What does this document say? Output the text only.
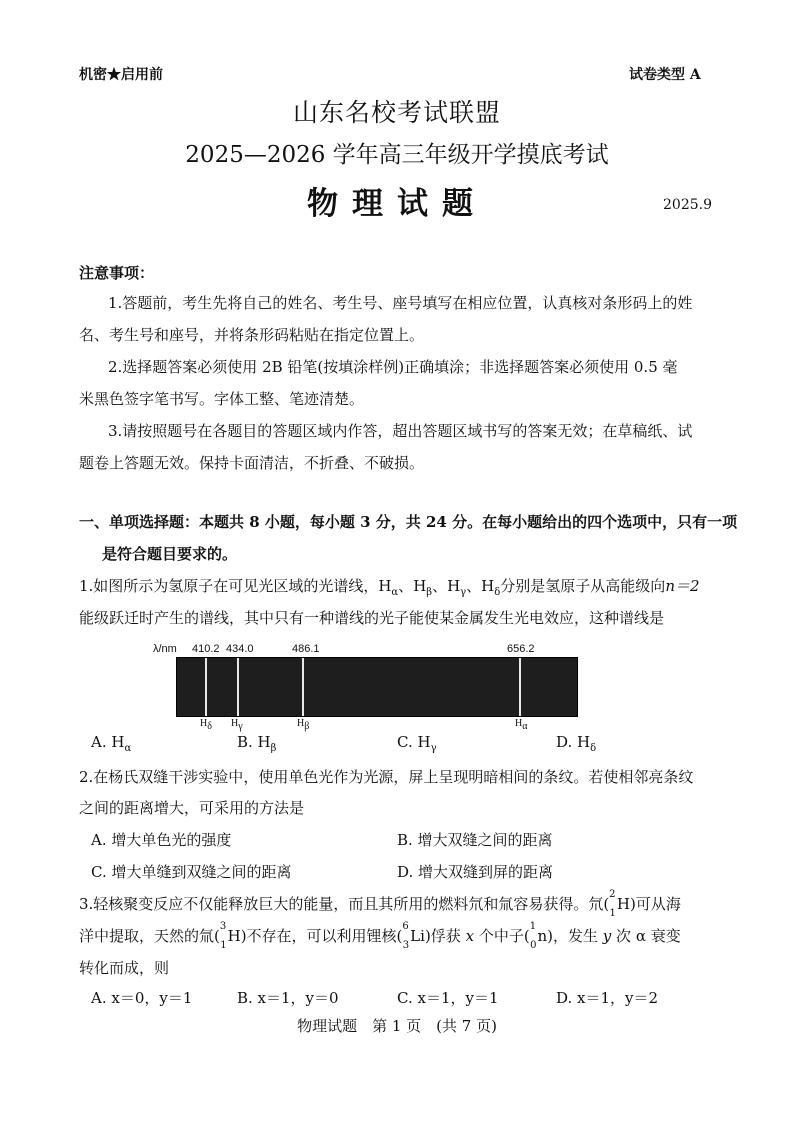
机密★启用前	试卷类型 A
山东名校考试联盟
2025—2026 学年高三年级开学摸底考试
物理试题	2025.9
注意事项：
1.答题前，考生先将自己的姓名、考生号、座号填写在相应位置，认真核对条形码上的姓
名、考生号和座号，并将条形码粘贴在指定位置上。
2.选择题答案必须使用 2B 铅笔(按填涂样例)正确填涂；非选择题答案必须使用 0.5 毫
米黑色签字笔书写。字体工整、笔迹清楚。
3.请按照题号在各题目的答题区域内作答，超出答题区域书写的答案无效；在草稿纸、试
题卷上答题无效。保持卡面清洁，不折叠、不破损。
一、单项选择题：本题共 8 小题，每小题 3 分，共 24 分。在每小题给出的四个选项中，只有一项
是符合题目要求的。
1.如图所示为氢原子在可见光区域的光谱线，$H_\alpha$、$H_\beta$、$H_\gamma$、$H_\delta$分别是氢原子从高能级向n＝2
能级跃迁时产生的谱线，其中只有一种谱线的光子能使某金属发生光电效应，这种谱线是
λ/nm 410.2 434.0	486.1	656.2
$H_\delta$ $H_\gamma$	$H_\beta$	$H_\alpha$
A. $H_\alpha$	B. $H_\beta$	C. $H_\gamma$	D. $H_\delta$
2.在杨氏双缝干涉实验中，使用单色光作为光源，屏上呈现明暗相间的条纹。若使相邻亮条纹
之间的距离增大，可采用的方法是
A. 增大单色光的强度	B. 增大双缝之间的距离
C. 增大单缝到双缝之间的距离	D. 增大双缝到屏的距离
3.轻核聚变反应不仅能释放巨大的能量，而且其所用的燃料氘和氚容易获得。氘($^2_1$H)可从海
洋中提取，天然的氚($^3_1$H)不存在，可以利用锂核($^6_3$Li)俘获 x 个中子($^1_0$n)，发生 y 次 α 衰变
转化而成，则
A. x＝0，y＝1	B. x＝1，y＝0	C. x＝1，y＝1	D. x＝1，y＝2
物理试题　第 1 页　(共 7 页)
